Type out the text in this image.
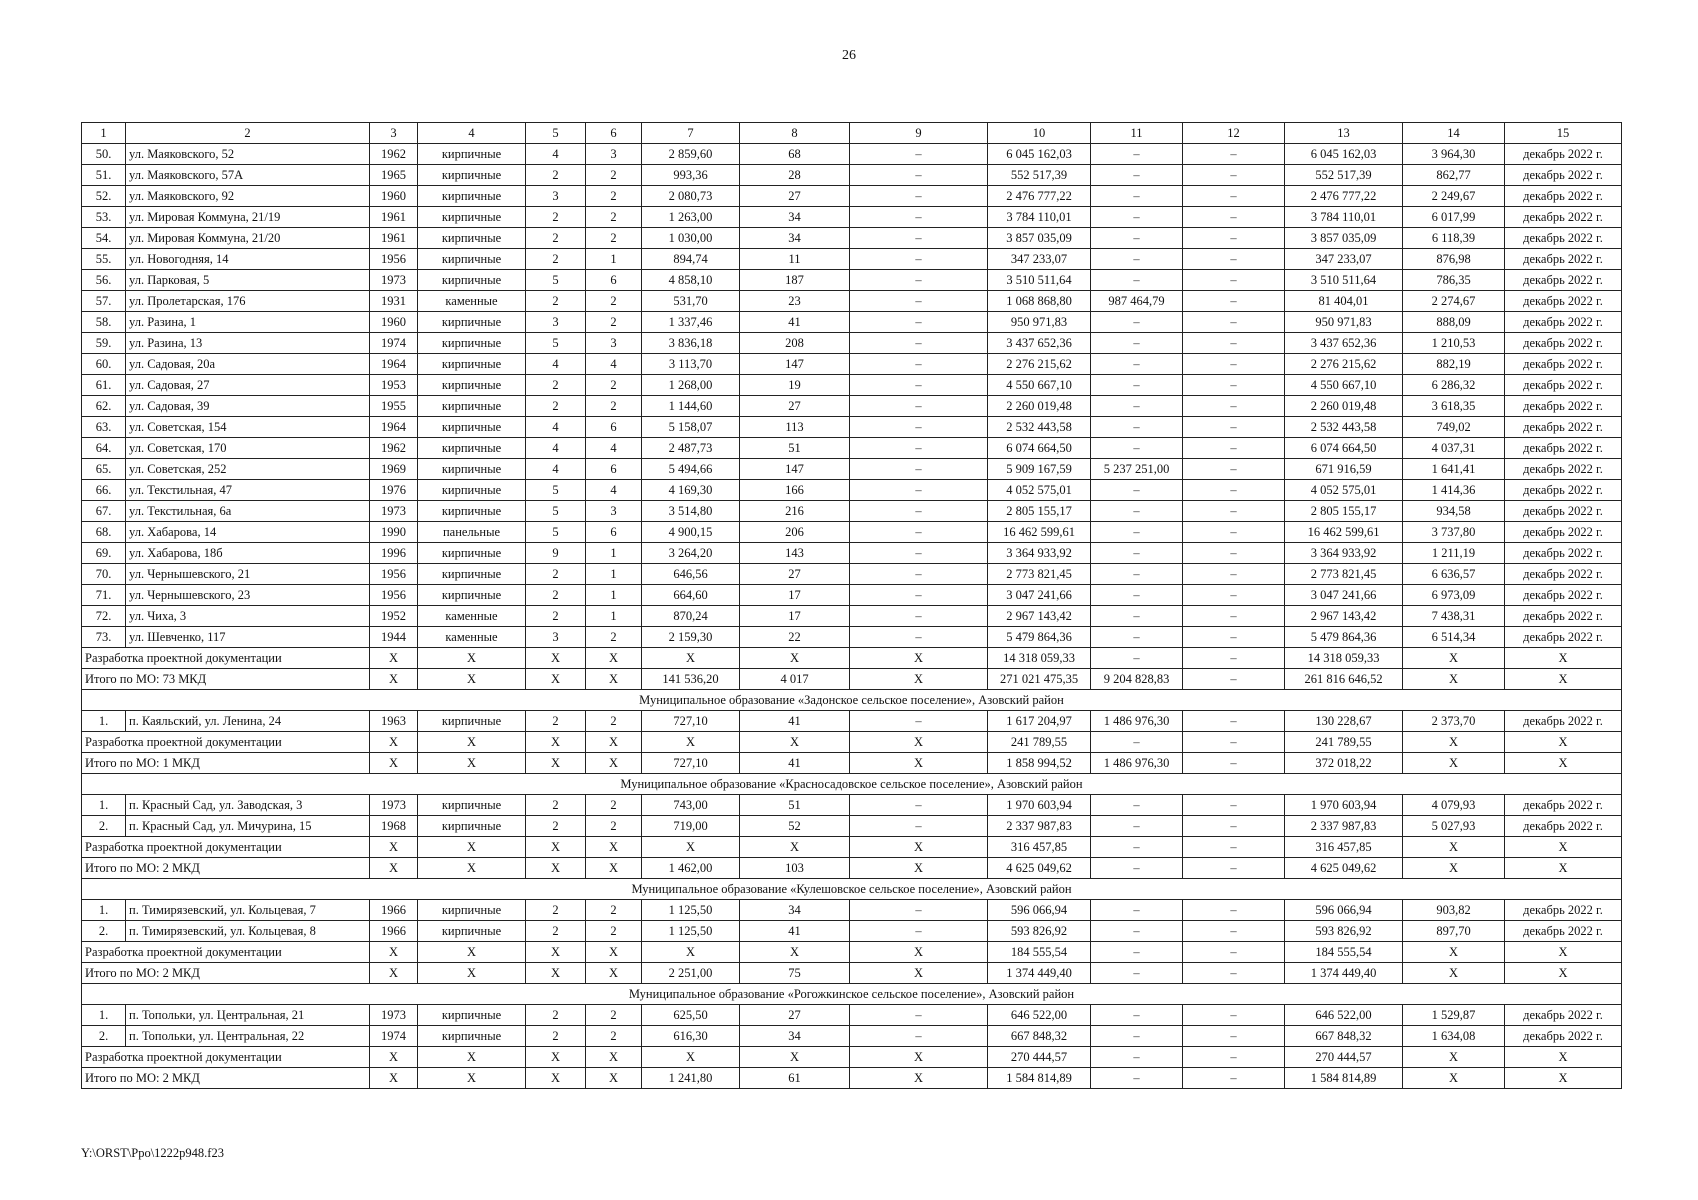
26
1	2	3	4	5	6	7	8	9	10	11	12	13	14	15
50.	ул. Маяковского, 52	1962	кирпичные	4	3	2 859,60	68	–	6 045 162,03	–	–	6 045 162,03	3 964,30	декабрь 2022 г.
51.	ул. Маяковского, 57А	1965	кирпичные	2	2	993,36	28	–	552 517,39	–	–	552 517,39	862,77	декабрь 2022 г.
52.	ул. Маяковского, 92	1960	кирпичные	3	2	2 080,73	27	–	2 476 777,22	–	–	2 476 777,22	2 249,67	декабрь 2022 г.
53.	ул. Мировая Коммуна, 21/19	1961	кирпичные	2	2	1 263,00	34	–	3 784 110,01	–	–	3 784 110,01	6 017,99	декабрь 2022 г.
54.	ул. Мировая Коммуна, 21/20	1961	кирпичные	2	2	1 030,00	34	–	3 857 035,09	–	–	3 857 035,09	6 118,39	декабрь 2022 г.
55.	ул. Новогодняя, 14	1956	кирпичные	2	1	894,74	11	–	347 233,07	–	–	347 233,07	876,98	декабрь 2022 г.
56.	ул. Парковая, 5	1973	кирпичные	5	6	4 858,10	187	–	3 510 511,64	–	–	3 510 511,64	786,35	декабрь 2022 г.
57.	ул. Пролетарская, 176	1931	каменные	2	2	531,70	23	–	1 068 868,80	987 464,79	–	81 404,01	2 274,67	декабрь 2022 г.
58.	ул. Разина, 1	1960	кирпичные	3	2	1 337,46	41	–	950 971,83	–	–	950 971,83	888,09	декабрь 2022 г.
59.	ул. Разина, 13	1974	кирпичные	5	3	3 836,18	208	–	3 437 652,36	–	–	3 437 652,36	1 210,53	декабрь 2022 г.
60.	ул. Садовая, 20а	1964	кирпичные	4	4	3 113,70	147	–	2 276 215,62	–	–	2 276 215,62	882,19	декабрь 2022 г.
61.	ул. Садовая, 27	1953	кирпичные	2	2	1 268,00	19	–	4 550 667,10	–	–	4 550 667,10	6 286,32	декабрь 2022 г.
62.	ул. Садовая, 39	1955	кирпичные	2	2	1 144,60	27	–	2 260 019,48	–	–	2 260 019,48	3 618,35	декабрь 2022 г.
63.	ул. Советская, 154	1964	кирпичные	4	6	5 158,07	113	–	2 532 443,58	–	–	2 532 443,58	749,02	декабрь 2022 г.
64.	ул. Советская, 170	1962	кирпичные	4	4	2 487,73	51	–	6 074 664,50	–	–	6 074 664,50	4 037,31	декабрь 2022 г.
65.	ул. Советская, 252	1969	кирпичные	4	6	5 494,66	147	–	5 909 167,59	5 237 251,00	–	671 916,59	1 641,41	декабрь 2022 г.
66.	ул. Текстильная, 47	1976	кирпичные	5	4	4 169,30	166	–	4 052 575,01	–	–	4 052 575,01	1 414,36	декабрь 2022 г.
67.	ул. Текстильная, 6а	1973	кирпичные	5	3	3 514,80	216	–	2 805 155,17	–	–	2 805 155,17	934,58	декабрь 2022 г.
68.	ул. Хабарова, 14	1990	панельные	5	6	4 900,15	206	–	16 462 599,61	–	–	16 462 599,61	3 737,80	декабрь 2022 г.
69.	ул. Хабарова, 18б	1996	кирпичные	9	1	3 264,20	143	–	3 364 933,92	–	–	3 364 933,92	1 211,19	декабрь 2022 г.
70.	ул. Чернышевского, 21	1956	кирпичные	2	1	646,56	27	–	2 773 821,45	–	–	2 773 821,45	6 636,57	декабрь 2022 г.
71.	ул. Чернышевского, 23	1956	кирпичные	2	1	664,60	17	–	3 047 241,66	–	–	3 047 241,66	6 973,09	декабрь 2022 г.
72.	ул. Чиха, 3	1952	каменные	2	1	870,24	17	–	2 967 143,42	–	–	2 967 143,42	7 438,31	декабрь 2022 г.
73.	ул. Шевченко, 117	1944	каменные	3	2	2 159,30	22	–	5 479 864,36	–	–	5 479 864,36	6 514,34	декабрь 2022 г.
Разработка проектной документации		X	X	X	X	X	X	X	14 318 059,33	–	–	14 318 059,33	X	X
Итого по МО: 73 МКД		X	X	X	X	141 536,20	4 017	X	271 021 475,35	9 204 828,83	–	261 816 646,52	X	X
Муниципальное образование «Задонское сельское поселение», Азовский район														
1.	п. Каяльский, ул. Ленина, 24	1963	кирпичные	2	2	727,10	41	–	1 617 204,97	1 486 976,30	–	130 228,67	2 373,70	декабрь 2022 г.
Разработка проектной документации		X	X	X	X	X	X	X	241 789,55	–	–	241 789,55	X	X
Итого по МО: 1 МКД		X	X	X	X	727,10	41	X	1 858 994,52	1 486 976,30	–	372 018,22	X	X
Муниципальное образование «Красносадовское сельское поселение», Азовский район														
1.	п. Красный Сад, ул. Заводская, 3	1973	кирпичные	2	2	743,00	51	–	1 970 603,94	–	–	1 970 603,94	4 079,93	декабрь 2022 г.
2.	п. Красный Сад, ул. Мичурина, 15	1968	кирпичные	2	2	719,00	52	–	2 337 987,83	–	–	2 337 987,83	5 027,93	декабрь 2022 г.
Разработка проектной документации		X	X	X	X	X	X	X	316 457,85	–	–	316 457,85	X	X
Итого по МО: 2 МКД		X	X	X	X	1 462,00	103	X	4 625 049,62	–	–	4 625 049,62	X	X
Муниципальное образование «Кулешовское сельское поселение», Азовский район														
1.	п. Тимирязевский, ул. Кольцевая, 7	1966	кирпичные	2	2	1 125,50	34	–	596 066,94	–	–	596 066,94	903,82	декабрь 2022 г.
2.	п. Тимирязевский, ул. Кольцевая, 8	1966	кирпичные	2	2	1 125,50	41	–	593 826,92	–	–	593 826,92	897,70	декабрь 2022 г.
Разработка проектной документации		X	X	X	X	X	X	X	184 555,54	–	–	184 555,54	X	X
Итого по МО: 2 МКД		X	X	X	X	2 251,00	75	X	1 374 449,40	–	–	1 374 449,40	X	X
Муниципальное образование «Рогожкинское сельское поселение», Азовский район														
1.	п. Топольки, ул. Центральная, 21	1973	кирпичные	2	2	625,50	27	–	646 522,00	–	–	646 522,00	1 529,87	декабрь 2022 г.
2.	п. Топольки, ул. Центральная, 22	1974	кирпичные	2	2	616,30	34	–	667 848,32	–	–	667 848,32	1 634,08	декабрь 2022 г.
Разработка проектной документации		X	X	X	X	X	X	X	270 444,57	–	–	270 444,57	X	X
Итого по МО: 2 МКД		X	X	X	X	1 241,80	61	X	1 584 814,89	–	–	1 584 814,89	X	X
Y:\ORST\Ppo\1222p948.f23
